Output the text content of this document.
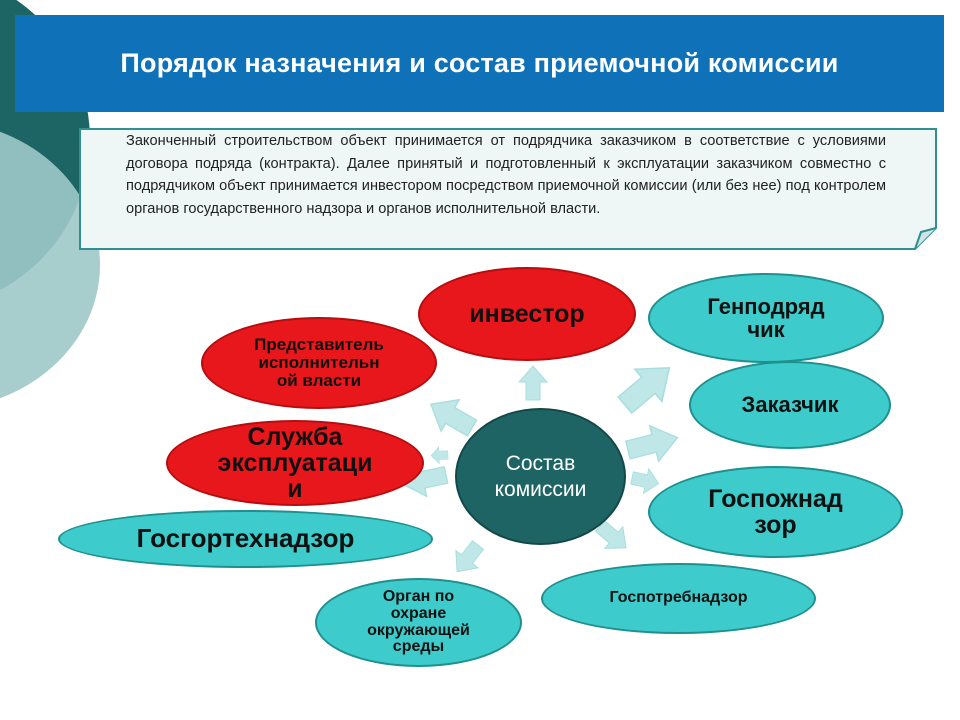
Порядок назначения и состав приемочной комиссии
Законченный строительством объект принимается от подрядчика заказчиком в соответствие с условиями договора подряда (контракта). Далее принятый и подготовленный к эксплуатации заказчиком совместно с подрядчиком объект принимается инвестором посредством приемочной комиссии (или без нее) под контролем органов государственного надзора и органов исполнительной власти.
инвестор
Представитель
исполнительн
ой власти
Служба
эксплуатаци
и
Госгортехнадзор
Орган по
охране
окружающей
среды
Госпотребнадзор
Госпожнад
зор
Заказчик
Генподряд
чик
Состав
комиссии
